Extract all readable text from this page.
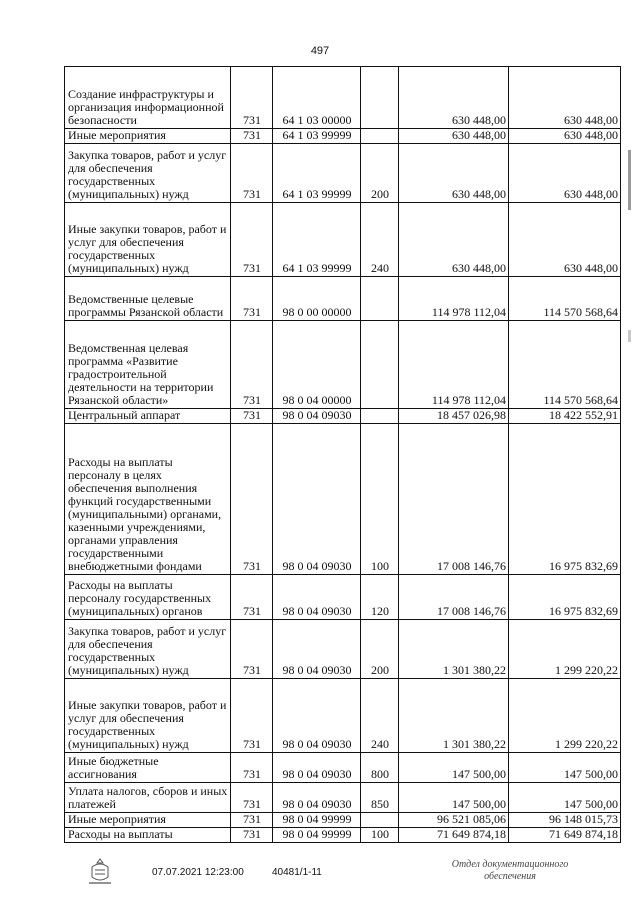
497
Создание инфраструктуры и организация информационной безопасности	731	64 1 03 00000		630 448,00	630 448,00
Иные мероприятия	731	64 1 03 99999		630 448,00	630 448,00
Закупка товаров, работ и услуг для обеспечения государственных (муниципальных) нужд	731	64 1 03 99999	200	630 448,00	630 448,00
Иные закупки товаров, работ и услуг для обеспечения государственных (муниципальных) нужд	731	64 1 03 99999	240	630 448,00	630 448,00
Ведомственные целевые программы Рязанской области	731	98 0 00 00000		114 978 112,04	114 570 568,64
Ведомственная целевая программа «Развитие градостроительной деятельности на территории Рязанской области»	731	98 0 04 00000		114 978 112,04	114 570 568,64
Центральный аппарат	731	98 0 04 09030		18 457 026,98	18 422 552,91
Расходы на выплаты персоналу в целях обеспечения выполнения функций государственными (муниципальными) органами, казенными учреждениями, органами управления государственными внебюджетными фондами	731	98 0 04 09030	100	17 008 146,76	16 975 832,69
Расходы на выплаты персоналу государственных (муниципальных) органов	731	98 0 04 09030	120	17 008 146,76	16 975 832,69
Закупка товаров, работ и услуг для обеспечения государственных (муниципальных) нужд	731	98 0 04 09030	200	1 301 380,22	1 299 220,22
Иные закупки товаров, работ и услуг для обеспечения государственных (муниципальных) нужд	731	98 0 04 09030	240	1 301 380,22	1 299 220,22
Иные бюджетные ассигнования	731	98 0 04 09030	800	147 500,00	147 500,00
Уплата налогов, сборов и иных платежей	731	98 0 04 09030	850	147 500,00	147 500,00
Иные мероприятия	731	98 0 04 99999		96 521 085,06	96 148 015,73
Расходы на выплаты	731	98 0 04 99999	100	71 649 874,18	71 649 874,18
07.07.2021 12:23:00	40481/1-11
Отдел документационного обеспечения
